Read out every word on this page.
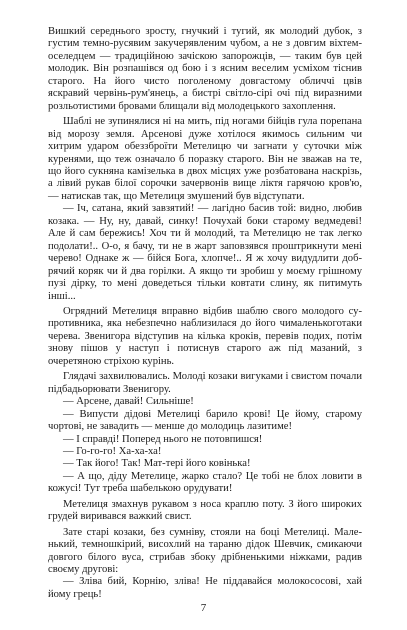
Вишкий середнього зросту, гнучкий і тугий, як молодий дубок, з густим темно-русявим закучерявленим чубом, а не з довгим віхтем-оселедцем — традиційною зачіскою запорожців, — таким був цей молодик. Він розпашівся од бою і з ясним веселим усміхом тіснив старого. На його чисто поголеному довгастому обличчі цвів яскравий червінь-рум'янець, а бистрі світло-сірі очі під виразними розльотистими бровами блищали від молодецького захоплення.

Шаблі не зупинялися ні на мить, під ногами бійців гула порепана від морозу земля. Арсенові дуже хотілося якимось сильним чи хитрим ударом обеззброїти Метелицю чи загнати у суточки між куренями, що теж означало б поразку старого. Він не зважав на те, що його сукняна камізелька в двох місцях уже розбатована наскрізь, а лівий рукав білої сорочки зачервонів вище ліктя гарячою кров'ю, — натискав так, що Метелиця змушений був відступати.

— Іч, сатана, який завзятий! — лагідно басив той: видно, любив козака. — Ну, ну, давай, синку! Почухай боки старому ведмедеві! Але й сам бережись! Хоч ти й молодий, та Метелицю не так легко подолати!.. О-о, я бачу, ти не в жарт заповзявся проштрикнути мені черево! Однаке ж — бійся Бога, хлопче!.. Я ж хочу видудлити добрячий коряк чи й два горілки. А якщо ти зробиш у моєму грішному пузі дірку, то мені доведеться тільки ковтати слину, як питимуть інші...

Огрядний Метелиця вправно відбив шаблю свого молодого супротивника, яка небезпечно наблизилася до його чималенькоготаки черева. Звенигора відступив на кілька кроків, перевів подих, потім знову пішов у наступ і потиснув старого аж під мазаний, з очеретяною стріхою курінь.

Глядачі захвилювались. Молоді козаки вигуками і свистом почали підбадьорювати Звенигору.

— Арсене, давай! Сильніше!

— Випусти дідові Метелиці барило крові! Це йому, старому чортові, не завадить — менше до молодиць лазитиме!

— І справді! Поперед нього не потовпишся!

— Го-го-го! Ха-ха-ха!

— Так його! Так! Мат-тері його ковінька!

— А що, діду Метелице, жарко стало? Це тобі не блох ловити в кожусі! Тут треба шабелькою орудувати!

Метелиця змахнув рукавом з носа краплю поту. З його широких грудей виривався важкий свист.

Зате старі козаки, без сумніву, стояли на боці Метелиці. Маленький, темношкірий, висохлий на тараню дідок Шевчик, смикаючи довгого білого вуса, стрибав збоку дрібненькими ніжками, радив своєму другові:

— Зліва бий, Корнію, зліва! Не піддавайся молокососові, хай йому грець!

7
